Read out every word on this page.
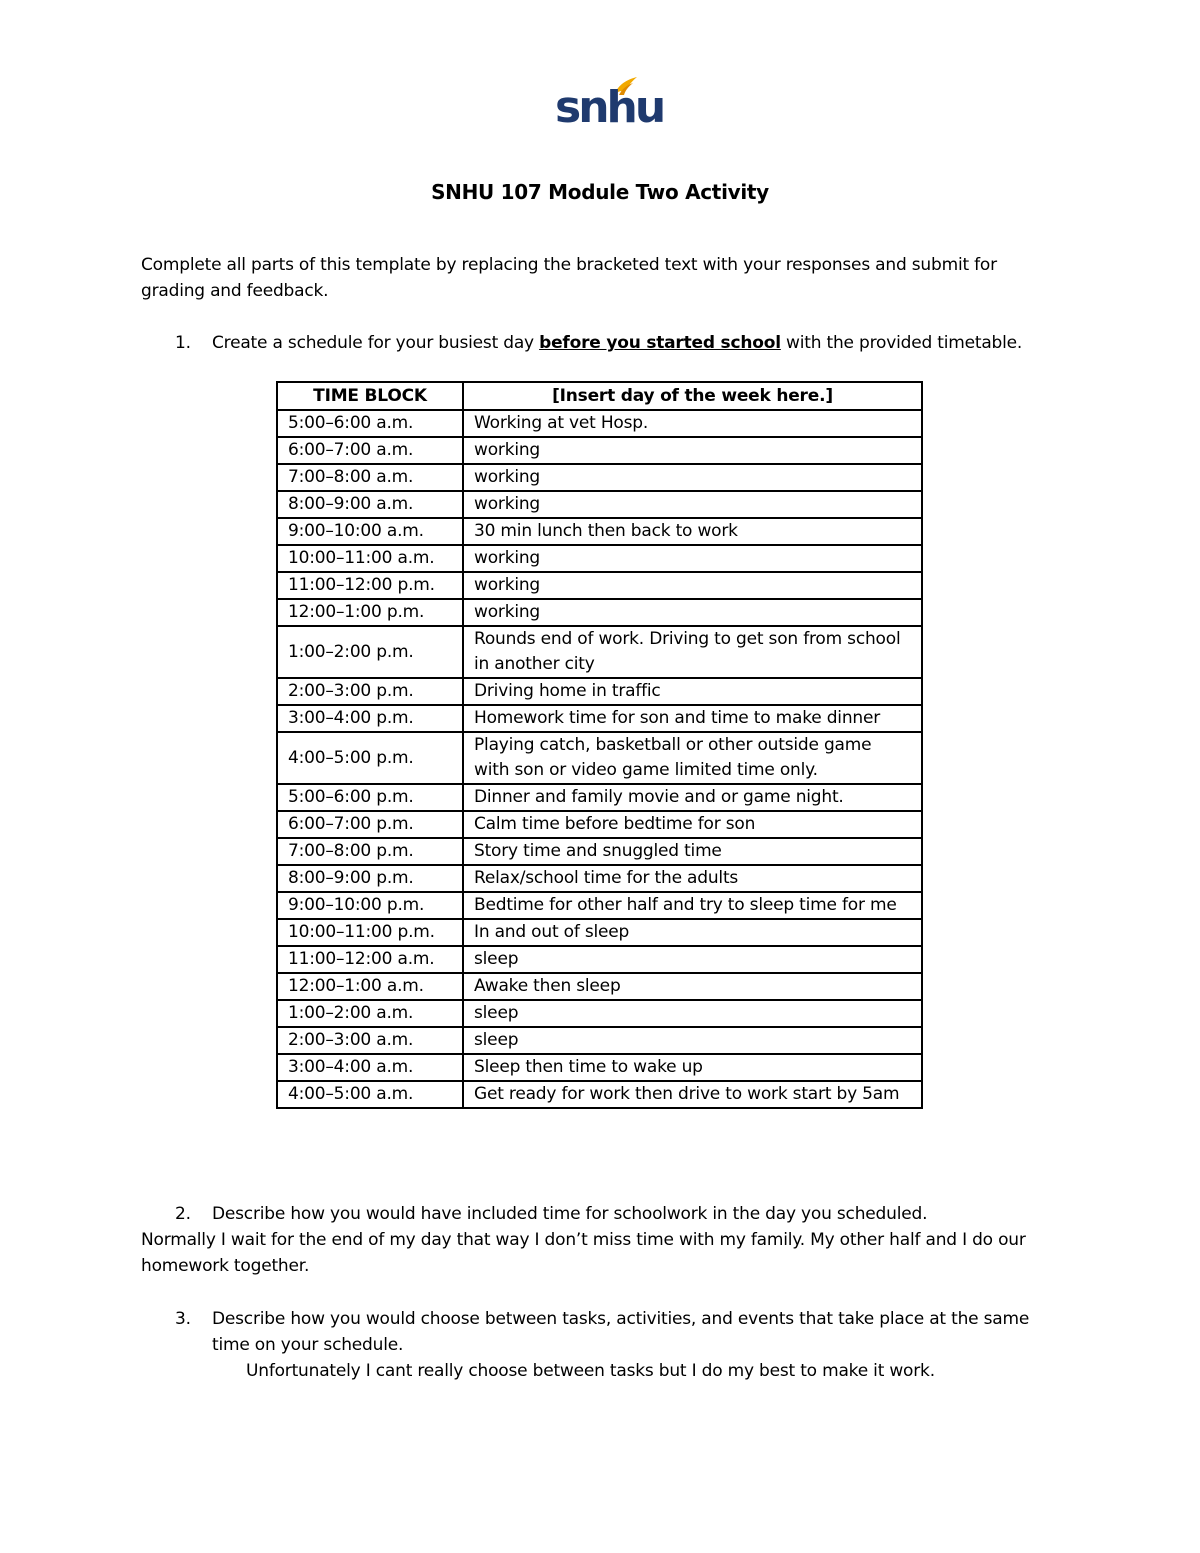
snhu
SNHU 107 Module Two Activity
Complete all parts of this template by replacing the bracketed text with your responses and submit for grading and feedback.
1. Create a schedule for your busiest day before you started school with the provided timetable.
TIME BLOCK	[Insert day of the week here.]
5:00–6:00 a.m.	Working at vet Hosp.
6:00–7:00 a.m.	working
7:00–8:00 a.m.	working
8:00–9:00 a.m.	working
9:00–10:00 a.m.	30 min lunch then back to work
10:00–11:00 a.m.	working
11:00–12:00 p.m.	working
12:00–1:00 p.m.	working
1:00–2:00 p.m.	Rounds end of work. Driving to get son from school in another city
2:00–3:00 p.m.	Driving home in traffic
3:00–4:00 p.m.	Homework time for son and time to make dinner
4:00–5:00 p.m.	Playing catch, basketball or other outside game with son or video game limited time only.
5:00–6:00 p.m.	Dinner and family movie and or game night.
6:00–7:00 p.m.	Calm time before bedtime for son
7:00–8:00 p.m.	Story time and snuggled time
8:00–9:00 p.m.	Relax/school time for the adults
9:00–10:00 p.m.	Bedtime for other half and try to sleep time for me
10:00–11:00 p.m.	In and out of sleep
11:00–12:00 a.m.	sleep
12:00–1:00 a.m.	Awake then sleep
1:00–2:00 a.m.	sleep
2:00–3:00 a.m.	sleep
3:00–4:00 a.m.	Sleep then time to wake up
4:00–5:00 a.m.	Get ready for work then drive to work start by 5am
2. Describe how you would have included time for schoolwork in the day you scheduled.
Normally I wait for the end of my day that way I don’t miss time with my family. My other half and I do our homework together.
3. Describe how you would choose between tasks, activities, and events that take place at the same time on your schedule.
Unfortunately I cant really choose between tasks but I do my best to make it work.
